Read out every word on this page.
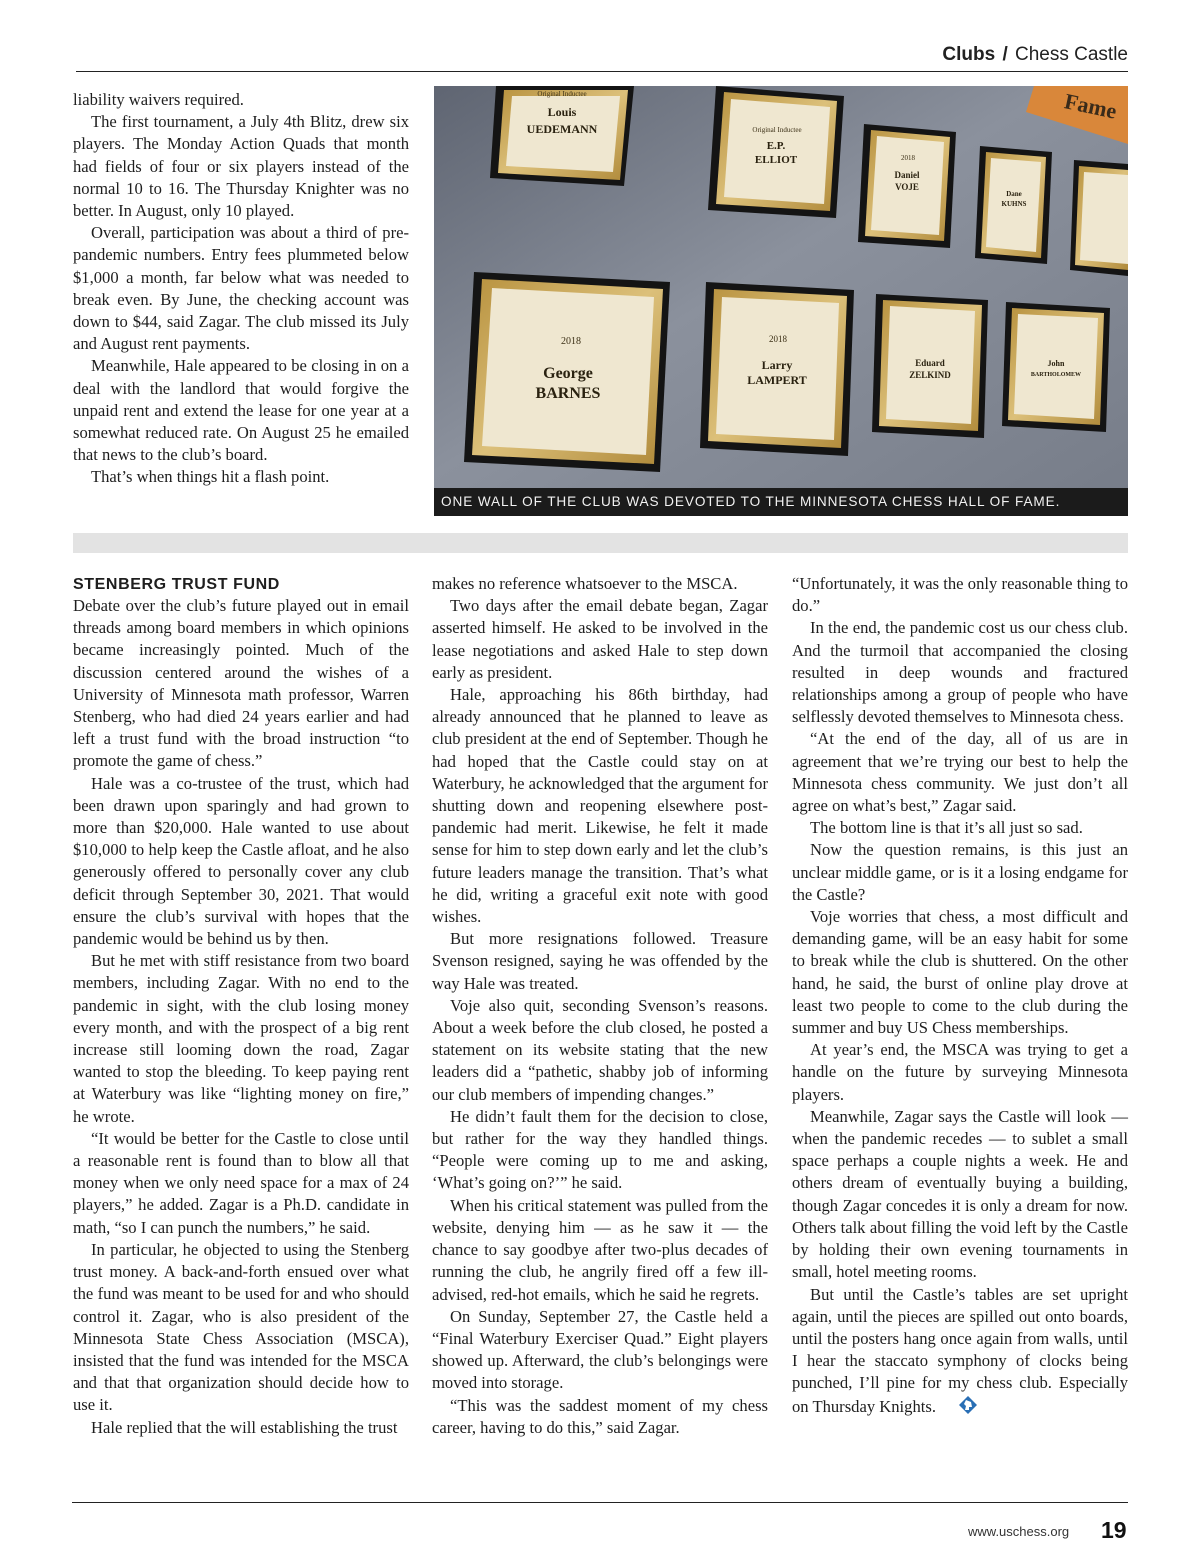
Clubs / Chess Castle

liability waivers required.

The first tournament, a July 4th Blitz, drew six players. The Monday Action Quads that month had fields of four or six players instead of the normal 10 to 16. The Thursday Knighter was no better. In August, only 10 played.

Overall, participation was about a third of pre-pandemic numbers. Entry fees plummeted below $1,000 a month, far below what was needed to break even. By June, the checking account was down to $44, said Zagar. The club missed its July and August rent payments.

Meanwhile, Hale appeared to be closing in on a deal with the landlord that would forgive the unpaid rent and extend the lease for one year at a somewhat reduced rate. On August 25 he emailed that news to the club’s board.

That’s when things hit a flash point.

Fame
Original Inductee
Louis
UEDEMANN	Original Inductee
E.P.
ELLIOT	2018
Daniel
VOJE
Dane
KUHNS
2018
George
BARNES
2018
Larry
LAMPERT
Eduard
ZELKIND
John
BARTHOLOMEW
ONE WALL OF THE CLUB WAS DEVOTED TO THE MINNESOTA CHESS HALL OF FAME.
STENBERG TRUST FUND

Debate over the club’s future played out in email threads among board members in which opinions became increasingly pointed. Much of the discussion centered around the wishes of a University of Minnesota math professor, Warren Stenberg, who had died 24 years earlier and had left a trust fund with the broad instruction “to promote the game of chess.”

Hale was a co-trustee of the trust, which had been drawn upon sparingly and had grown to more than $20,000. Hale wanted to use about $10,000 to help keep the Castle afloat, and he also generously offered to personally cover any club deficit through September 30, 2021. That would ensure the club’s survival with hopes that the pandemic would be behind us by then.

But he met with stiff resistance from two board members, including Zagar. With no end to the pandemic in sight, with the club losing money every month, and with the prospect of a big rent increase still looming down the road, Zagar wanted to stop the bleeding. To keep paying rent at Waterbury was like “lighting money on fire,” he wrote.

“It would be better for the Castle to close until a reasonable rent is found than to blow all that money when we only need space for a max of 24 players,” he added. Zagar is a Ph.D. candidate in math, “so I can punch the numbers,” he said.

In particular, he objected to using the Stenberg trust money. A back-and-forth ensued over what the fund was meant to be used for and who should control it. Zagar, who is also president of the Minnesota State Chess Association (MSCA), insisted that the fund was intended for the MSCA and that that organization should decide how to use it.

Hale replied that the will establishing the trust

makes no reference whatsoever to the MSCA.

Two days after the email debate began, Zagar asserted himself. He asked to be involved in the lease negotiations and asked Hale to step down early as president.

Hale, approaching his 86th birthday, had already announced that he planned to leave as club president at the end of September. Though he had hoped that the Castle could stay on at Waterbury, he acknowledged that the argument for shutting down and reopening elsewhere post-pandemic had merit. Likewise, he felt it made sense for him to step down early and let the club’s future leaders manage the transition. That’s what he did, writing a graceful exit note with good wishes.

But more resignations followed. Treasure Svenson resigned, saying he was offended by the way Hale was treated.

Voje also quit, seconding Svenson’s reasons. About a week before the club closed, he posted a statement on its website stating that the new leaders did a “pathetic, shabby job of informing our club members of impending changes.”

He didn’t fault them for the decision to close, but rather for the way they handled things. “People were coming up to me and asking, ‘What’s going on?’” he said.

When his critical statement was pulled from the website, denying him — as he saw it — the chance to say goodbye after two-plus decades of running the club, he angrily fired off a few ill-advised, red-hot emails, which he said he regrets.

On Sunday, September 27, the Castle held a “Final Waterbury Exerciser Quad.” Eight players showed up. Afterward, the club’s belongings were moved into storage.

“This was the saddest moment of my chess career, having to do this,” said Zagar.

“Unfortunately, it was the only reasonable thing to do.”

In the end, the pandemic cost us our chess club. And the turmoil that accompanied the closing resulted in deep wounds and fractured relationships among a group of people who have selflessly devoted themselves to Minnesota chess.

“At the end of the day, all of us are in agreement that we’re trying our best to help the Minnesota chess community. We just don’t all agree on what’s best,” Zagar said.

The bottom line is that it’s all just so sad.

Now the question remains, is this just an unclear middle game, or is it a losing endgame for the Castle?

Voje worries that chess, a most difficult and demanding game, will be an easy habit for some to break while the club is shuttered. On the other hand, he said, the burst of online play drove at least two people to come to the club during the summer and buy US Chess memberships.

At year’s end, the MSCA was trying to get a handle on the future by surveying Minnesota players.

Meanwhile, Zagar says the Castle will look — when the pandemic recedes — to sublet a small space perhaps a couple nights a week. He and others dream of eventually buying a building, though Zagar concedes it is only a dream for now. Others talk about filling the void left by the Castle by holding their own evening tournaments in small, hotel meeting rooms.

But until the Castle’s tables are set upright again, until the pieces are spilled out onto boards, until the posters hang once again from walls, until I hear the staccato symphony of clocks being punched, I’ll pine for my chess club. Especially on Thursday Knights.

www.uschess.org 19
